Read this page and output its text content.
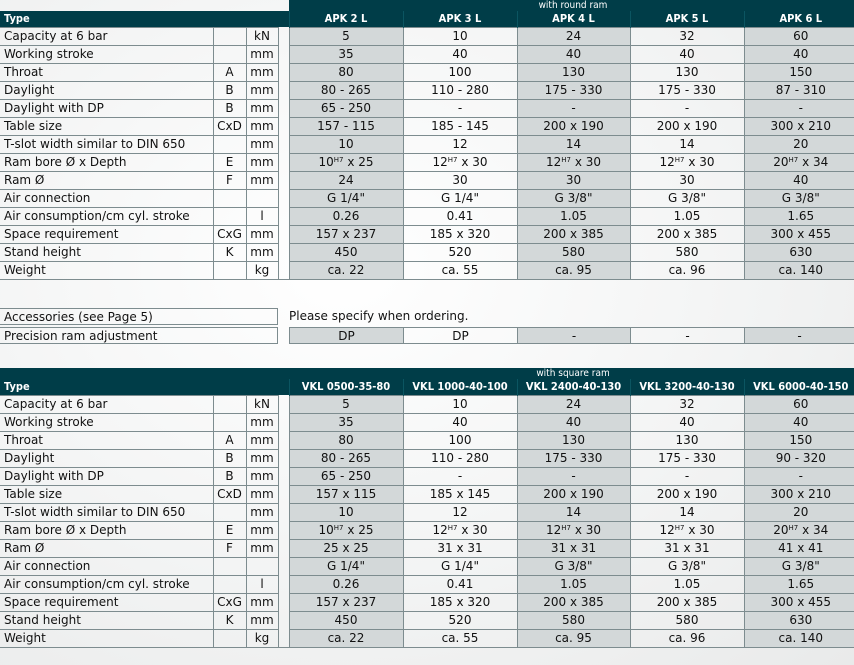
				with round ram				
Type				APK 2 L	APK 3 L	APK 4 L	APK 5 L	APK 6 L
Capacity at 6 bar		kN		5	10	24	32	60
Working stroke		mm		35	40	40	40	40
Throat	A	mm		80	100	130	130	150
Daylight	B	mm		80 - 265	110 - 280	175 - 330	175 - 330	87 - 310
Daylight with DP	B	mm		65 - 250	-	-	-	-
Table size	CxD	mm		157 - 115	185 - 145	200 x 190	200 x 190	300 x 210
T-slot width similar to DIN 650		mm		10	12	14	14	20
Ram bore Ø x Depth	E	mm		$10^{H7}$ x 25	$12^{H7}$ x 30	$12^{H7}$ x 30	$12^{H7}$ x 30	$20^{H7}$ x 34
Ram Ø	F	mm		24	30	30	30	40
Air connection				G 1/4"	G 1/4"	G 3/8"	G 3/8"	G 3/8"
Air consumption/cm cyl. stroke		l		0.26	0.41	1.05	1.05	1.65
Space requirement	CxG	mm		157 x 237	185 x 320	200 x 385	200 x 385	300 x 455
Stand height	K	mm		450	520	580	580	630
Weight		kg		ca. 22	ca. 55	ca. 95	ca. 96	ca. 140
Accessories (see Page 5)	Please specify when ordering.
Precision ram adjustment	DP	DP	-	-	-
				with square ram				
Type				VKL 0500-35-80	VKL 1000-40-100	VKL 2400-40-130	VKL 3200-40-130	VKL 6000-40-150
Capacity at 6 bar		kN		5	10	24	32	60
Working stroke		mm		35	40	40	40	40
Throat	A	mm		80	100	130	130	150
Daylight	B	mm		80 - 265	110 - 280	175 - 330	175 - 330	90 - 320
Daylight with DP	B	mm		65 - 250	-	-	-	-
Table size	CxD	mm		157 x 115	185 x 145	200 x 190	200 x 190	300 x 210
T-slot width similar to DIN 650		mm		10	12	14	14	20
Ram bore Ø x Depth	E	mm		$10^{H7}$ x 25	$12^{H7}$ x 30	$12^{H7}$ x 30	$12^{H7}$ x 30	$20^{H7}$ x 34
Ram Ø	F	mm		25 x 25	31 x 31	31 x 31	31 x 31	41 x 41
Air connection				G 1/4"	G 1/4"	G 3/8"	G 3/8"	G 3/8"
Air consumption/cm cyl. stroke		l		0.26	0.41	1.05	1.05	1.65
Space requirement	CxG	mm		157 x 237	185 x 320	200 x 385	200 x 385	300 x 455
Stand height	K	mm		450	520	580	580	630
Weight		kg		ca. 22	ca. 55	ca. 95	ca. 96	ca. 140
